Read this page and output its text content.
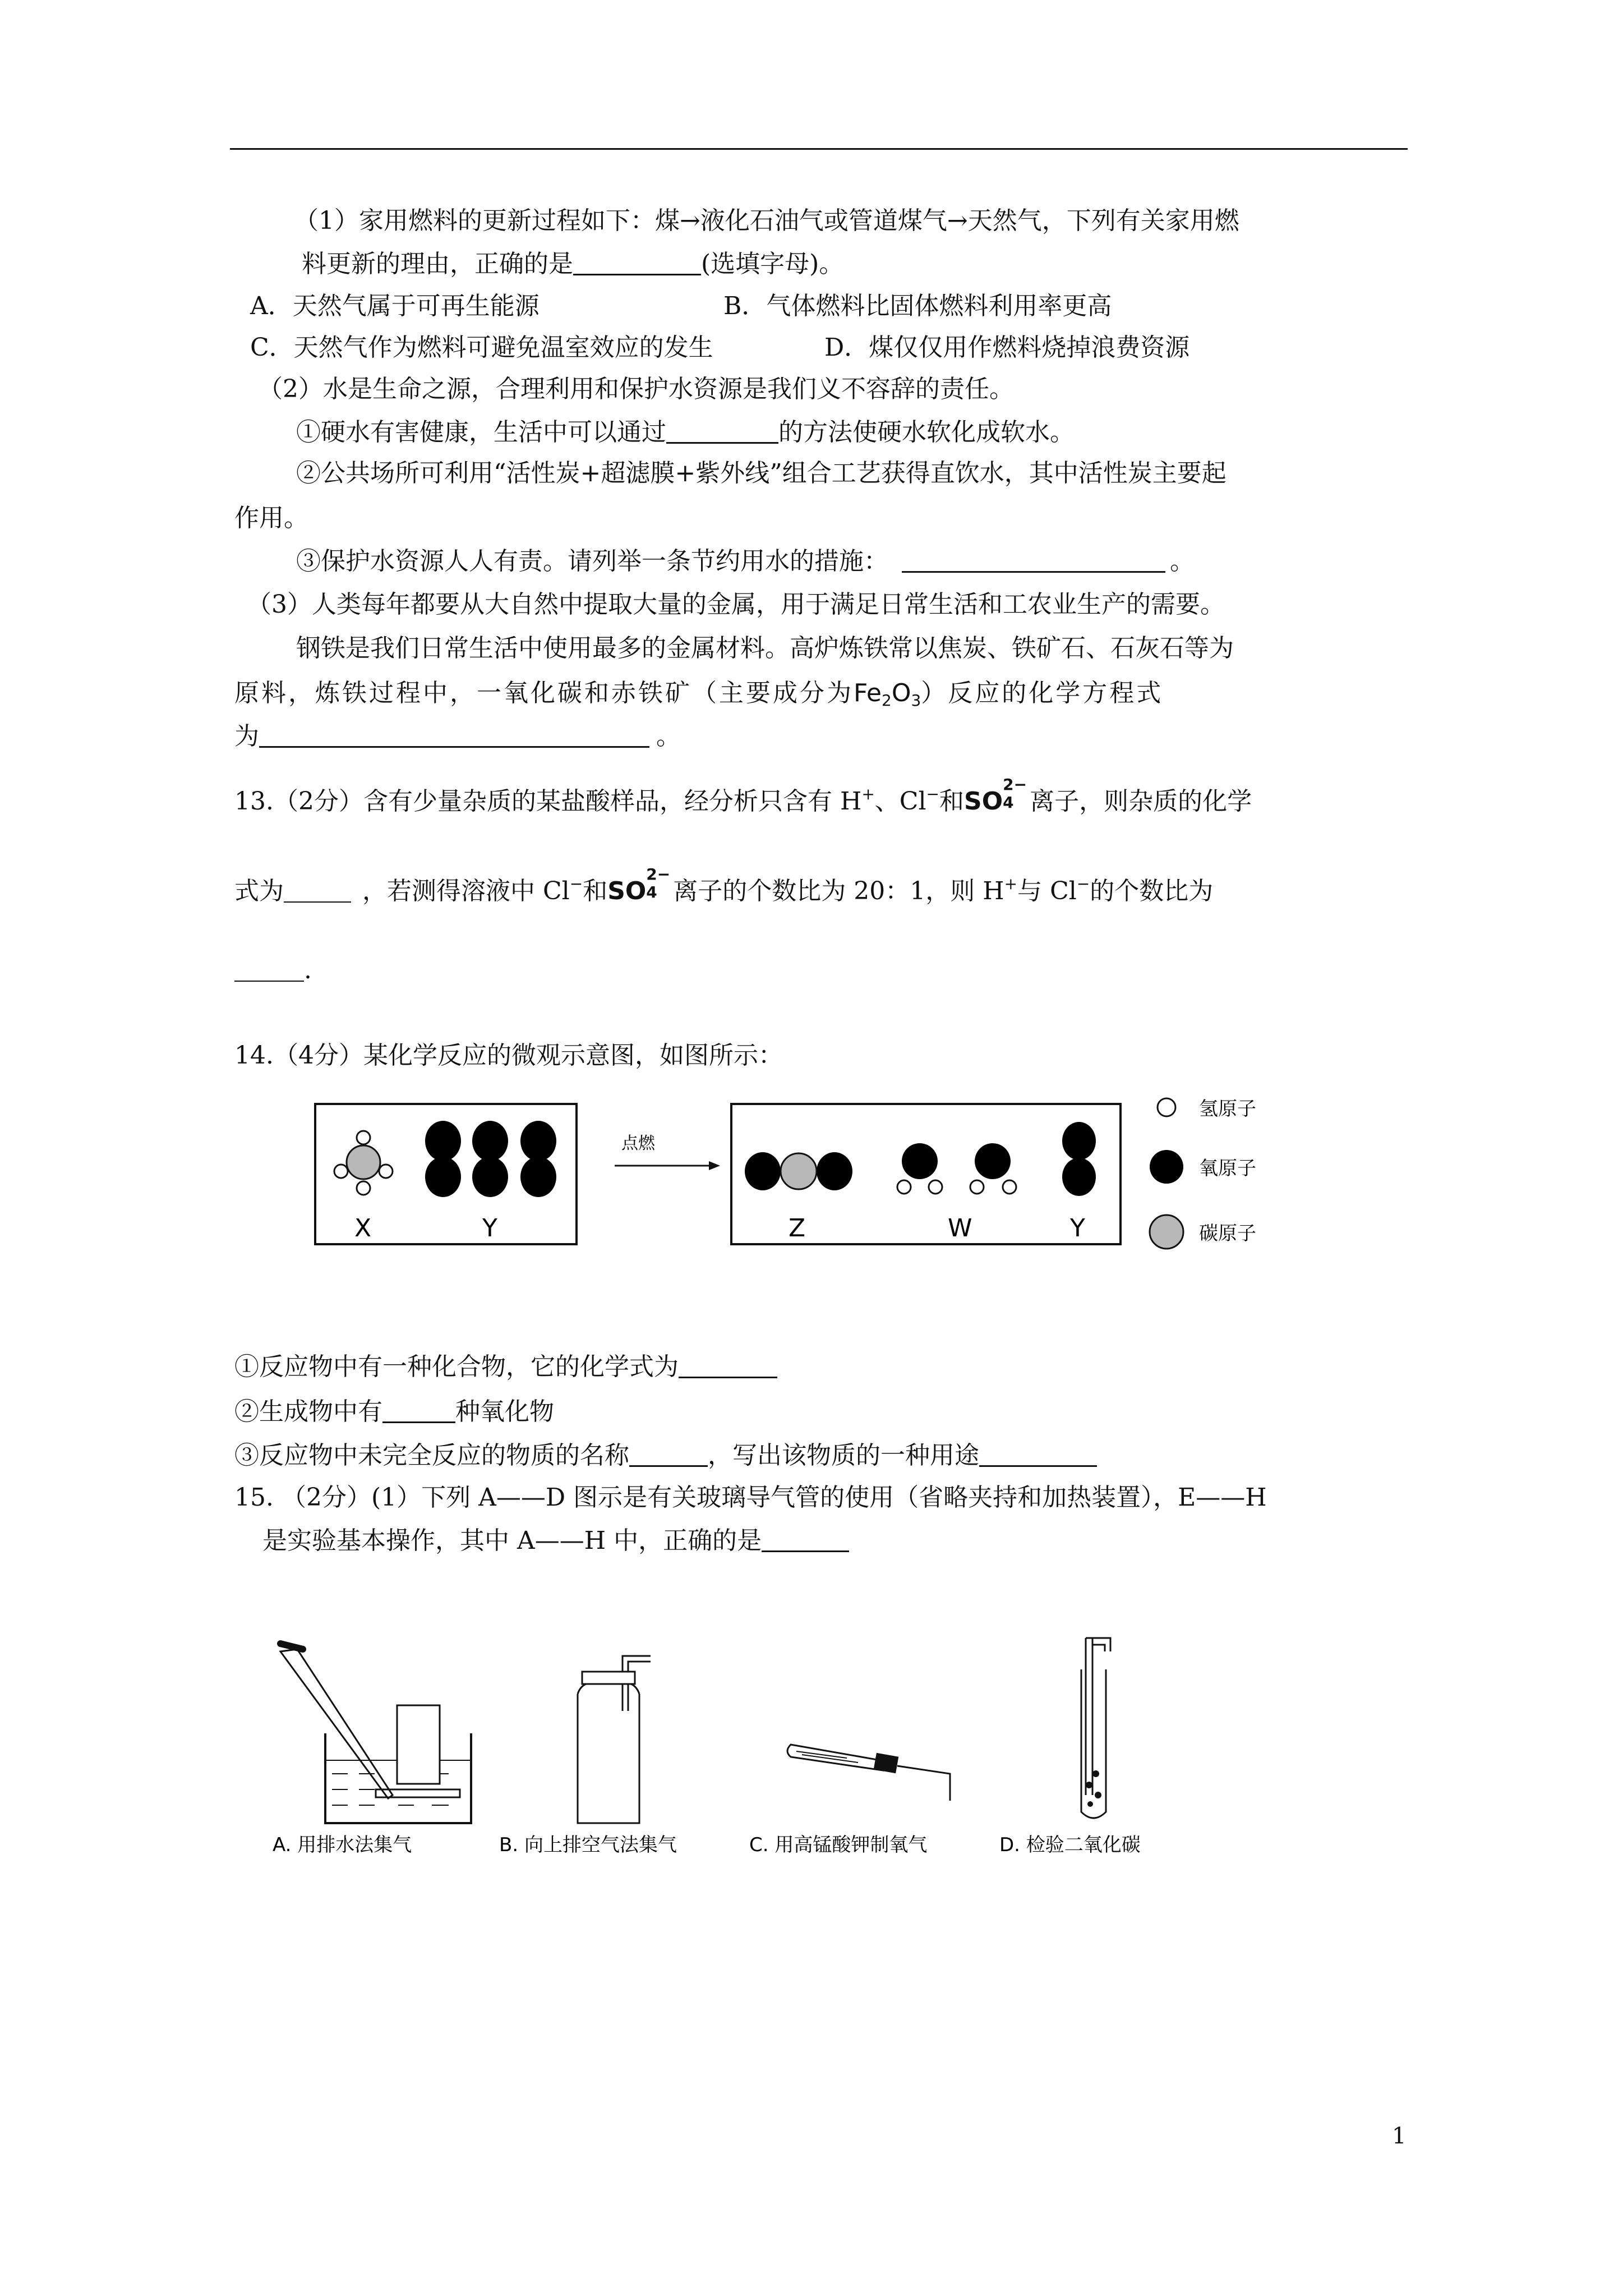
（1）家用燃料的更新过程如下：煤→液化石油气或管道煤气→天然气，下列有关家用燃
料更新的理由，正确的是	(选填字母)。
A．天然气属于可再生能源	B．气体燃料比固体燃料利用率更高
C．天然气作为燃料可避免温室效应的发生	D．煤仅仅用作燃料烧掉浪费资源
（2）水是生命之源，合理利用和保护水资源是我们义不容辞的责任。
①硬水有害健康，生活中可以通过	的方法使硬水软化成软水。
②公共场所可利用“活性炭+超滤膜+紫外线”组合工艺获得直饮水，其中活性炭主要起
作用。
③保护水资源人人有责。请列举一条节约用水的措施：	。
（3）人类每年都要从大自然中提取大量的金属，用于满足日常生活和工农业生产的需要。
钢铁是我们日常生活中使用最多的金属材料。高炉炼铁常以焦炭、铁矿石、石灰石等为
原料，炼铁过程中，一氧化碳和赤铁矿（主要成分为$Fe_2O_3$）反应的化学方程式
为	。
13.（2分）含有少量杂质的某盐酸样品，经分析只含有 H+、Cl−和SO
2−
4 离子，则杂质的化学
式为	，若测得溶液中 Cl−和SO
2−
4 离子的个数比为 20：1，则 H+与 Cl−的个数比为
.
14.（4分）某化学反应的微观示意图，如图所示：
X	Y
点燃
Z	W	Y
氢原子
氧原子
碳原子
①反应物中有一种化合物，它的化学式为
②生成物中有	种氧化物
③反应物中未完全反应的物质的名称	，写出该物质的一种用途
15. （2分）(1）下列 A——D 图示是有关玻璃导气管的使用（省略夹持和加热装置），E——H
是实验基本操作，其中 A——H 中，正确的是
A. 用排水法集气	B. 向上排空气法集气	C. 用高锰酸钾制氧气	D. 检验二氧化碳
1
